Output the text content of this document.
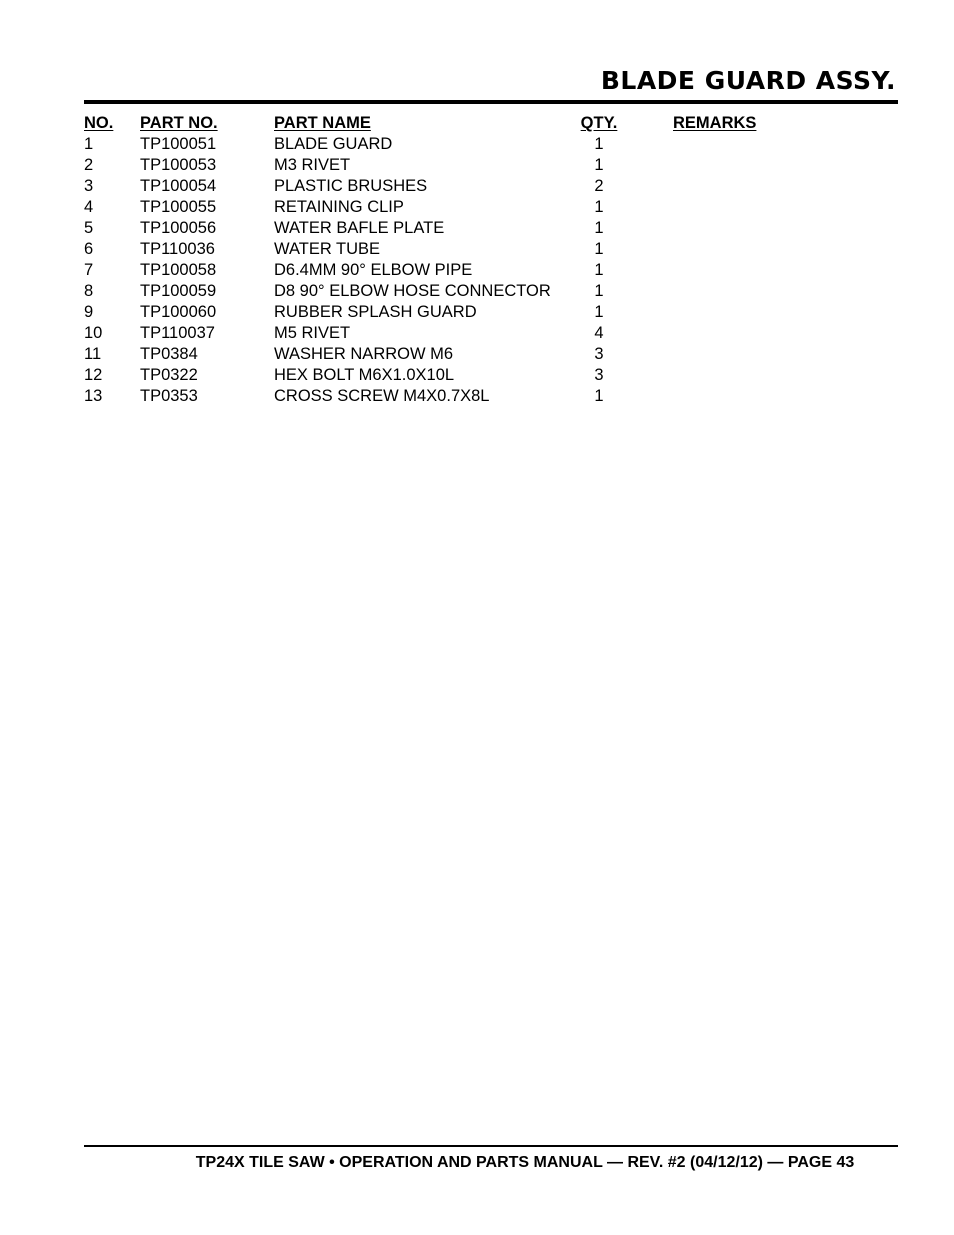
BLADE GUARD ASSY.
NO. PART NO.	PART NAME	QTY.	REMARKS
1	TP100051	BLADE GUARD	1
2	TP100053	M3 RIVET	1
3	TP100054	PLASTIC BRUSHES	2
4	TP100055	RETAINING CLIP	1
5	TP100056	WATER BAFLE PLATE	1
6	TP110036	WATER TUBE	1
7	TP100058	D6.4MM 90° ELBOW PIPE	1
8	TP100059	D8 90° ELBOW HOSE CONNECTOR	1
9	TP100060	RUBBER SPLASH GUARD	1
10 TP110037	M5 RIVET	4
11 TP0384	WASHER NARROW M6	3
12 TP0322	HEX BOLT M6X1.0X10L	3
13 TP0353	CROSS SCREW M4X0.7X8L	1
TP24X TILE SAW • OPERATION AND PARTS MANUAL — REV. #2 (04/12/12) — PAGE 43
